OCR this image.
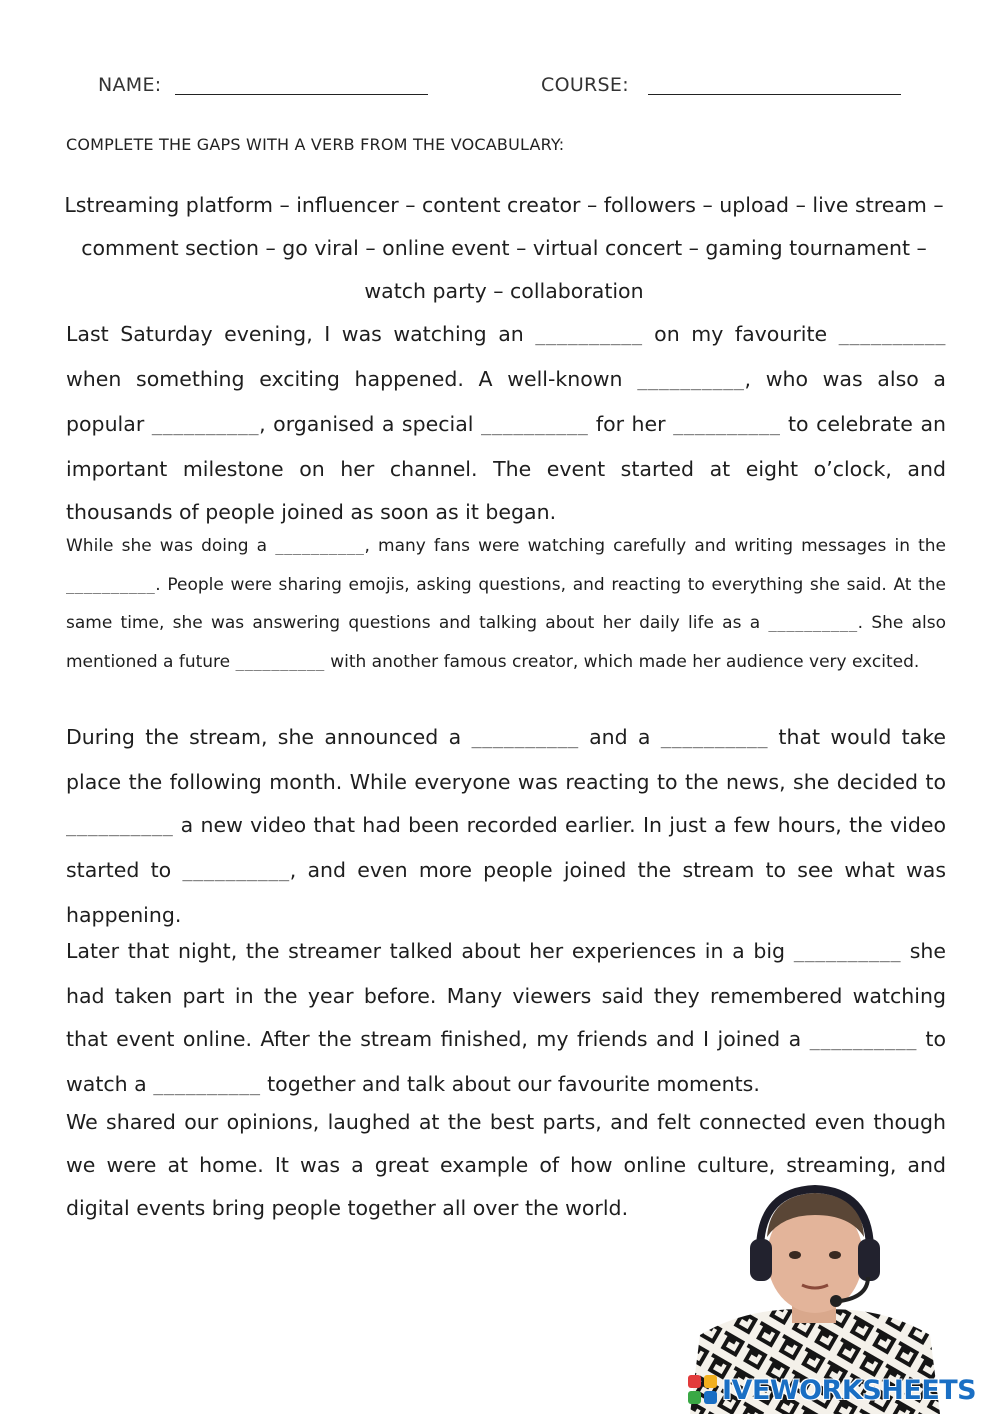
NAME:	COURSE:
COMPLETE THE GAPS WITH A VERB FROM THE VOCABULARY:
Lstreaming platform – influencer – content creator – followers – upload – live stream – comment section – go viral – online event – virtual concert – gaming tournament – watch party – collaboration

Last Saturday evening, I was watching an __________ on my favourite __________ when something exciting happened. A well-known __________, who was also a popular __________, organised a special __________ for her __________ to celebrate an important milestone on her channel. The event started at eight o’clock, and thousands of people joined as soon as it began.

While she was doing a __________, many fans were watching carefully and writing messages in the __________. People were sharing emojis, asking questions, and reacting to everything she said. At the same time, she was answering questions and talking about her daily life as a __________. She also mentioned a future __________ with another famous creator, which made her audience very excited.

During the stream, she announced a __________ and a __________ that would take place the following month. While everyone was reacting to the news, she decided to __________ a new video that had been recorded earlier. In just a few hours, the video started to __________, and even more people joined the stream to see what was happening.

Later that night, the streamer talked about her experiences in a big __________ she had taken part in the year before. Many viewers said they remembered watching that event online. After the stream finished, my friends and I joined a __________ to watch a __________ together and talk about our favourite moments.

We shared our opinions, laughed at the best parts, and felt connected even though we were at home. It was a great example of how online culture, streaming, and digital events bring people together all over the world.

IVEWORKSHEETS
